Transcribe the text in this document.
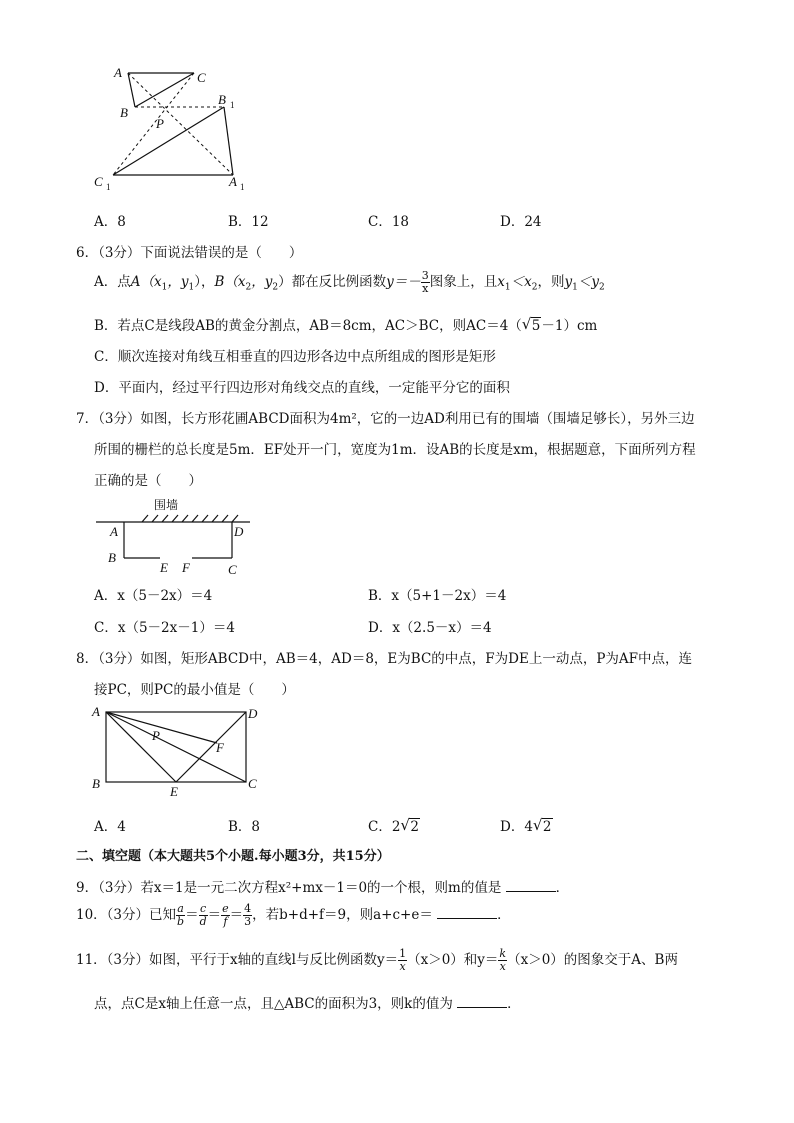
A	C
B
B 1
P
C 1	A 1
A．8	B．12	C．18	D．24
6．（3分）下面说法错误的是（　　）
A．点$A(x_1$，$y_1$），$B(x_2$，$y_2$）都在反比例函数$y=- \frac{3}{x}$ 图象上，且$x_1<x_2$，则$y_1<y_2$
B．若点C是线段AB的黄金分割点，AB＝8cm，AC＞BC，则AC＝4（ √ 5－1）cm
C．顺次连接对角线互相垂直的四边形各边中点所组成的图形是矩形
D．平面内，经过平行四边形对角线交点的直线，一定能平分它的面积
7．（3分）如图，长方形花圃ABCD面积为4m²，它的一边AD利用已有的围墙（围墙足够长），另外三边
所围的栅栏的总长度是5m．EF处开一门，宽度为1m．设AB的长度是xm，根据题意，下面所列方程
正确的是（　　）
围墙
A	D
B
E F	C
A．x（5－2x）＝4	B．x（5+1－2x）＝4
C．x（5－2x－1）＝4	D．x（2.5－x）＝4
8．（3分）如图，矩形ABCD中，AB＝4，AD＝8，E为BC的中点，F为DE上一动点，P为AF中点，连
接PC，则PC的最小值是（　　）
A	D
P
F
B
E
C
A．4	B．8	C．2 √ 2	D．4 √ 2
二、填空题（本大题共5个小题.每小题3分，共15分）
9．（3分）若x＝1是一元二次方程x²+mx－1＝0的一个根，则m的值是	．
10．（3分）已知 $\frac{a}{b} = \frac{c}{d} = \frac{e}{f} = \frac{4}{3}$ ，若b+d+f＝9，则a+c+e＝	．
11．（3分）如图，平行于x轴的直线l与反比例函数$y= \frac{1}{x} (x>0)$和$y= \frac{k}{x} (x>0)$的图象交于A、B两
点，点C是x轴上任意一点，且△ABC的面积为3，则k的值为	．
